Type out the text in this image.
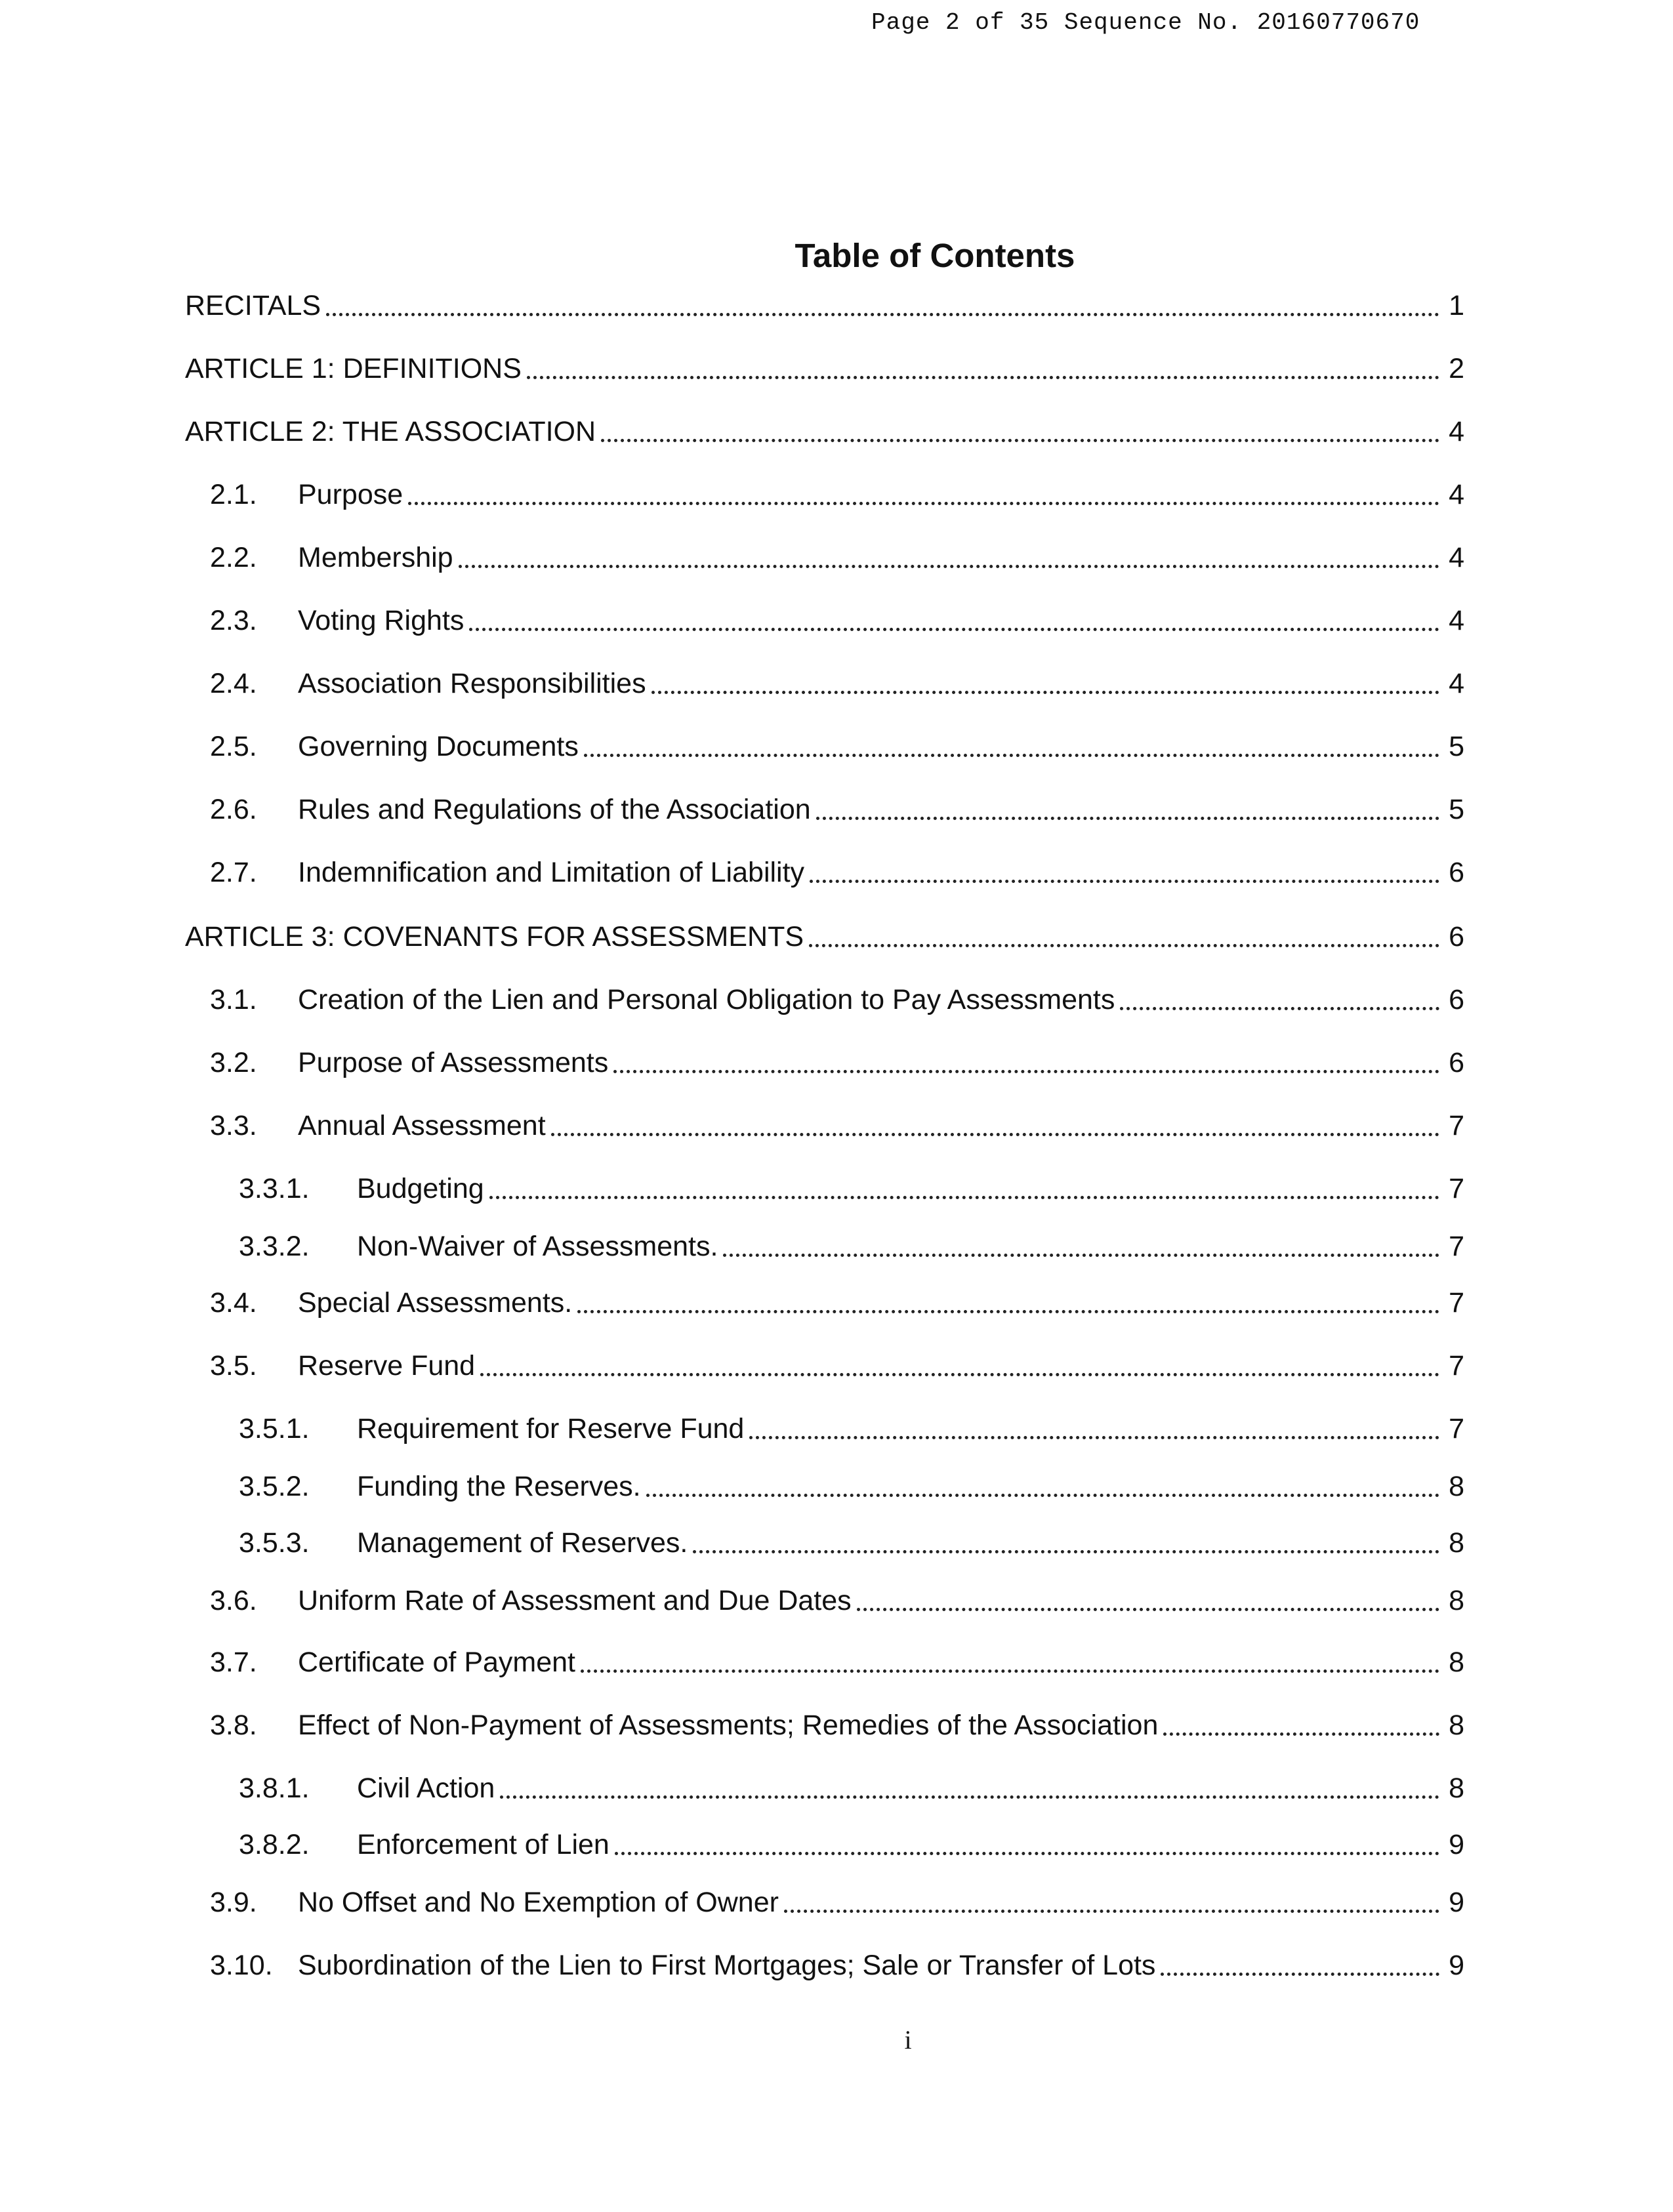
Page 2 of 35 Sequence No. 20160770670
Table of Contents
RECITALS	1
ARTICLE 1: DEFINITIONS	2
ARTICLE 2: THE ASSOCIATION	4
2.1.	Purpose	4
2.2.	Membership	4
2.3.	Voting Rights	4
2.4.	Association Responsibilities	4
2.5.	Governing Documents	5
2.6.	Rules and Regulations of the Association	5
2.7.	Indemnification and Limitation of Liability	6
ARTICLE 3: COVENANTS FOR ASSESSMENTS	6
3.1.	Creation of the Lien and Personal Obligation to Pay Assessments	6
3.2.	Purpose of Assessments	6
3.3.	Annual Assessment	7
3.3.1.	Budgeting	7
3.3.2.	Non-Waiver of Assessments.	7
3.4.	Special Assessments.	7
3.5.	Reserve Fund	7
3.5.1.	Requirement for Reserve Fund	7
3.5.2.	Funding the Reserves.	8
3.5.3.	Management of Reserves.	8
3.6.	Uniform Rate of Assessment and Due Dates	8
3.7.	Certificate of Payment	8
3.8.	Effect of Non-Payment of Assessments; Remedies of the Association	8
3.8.1.	Civil Action	8
3.8.2.	Enforcement of Lien	9
3.9.	No Offset and No Exemption of Owner	9
3.10. Subordination of the Lien to First Mortgages; Sale or Transfer of Lots	9
i
